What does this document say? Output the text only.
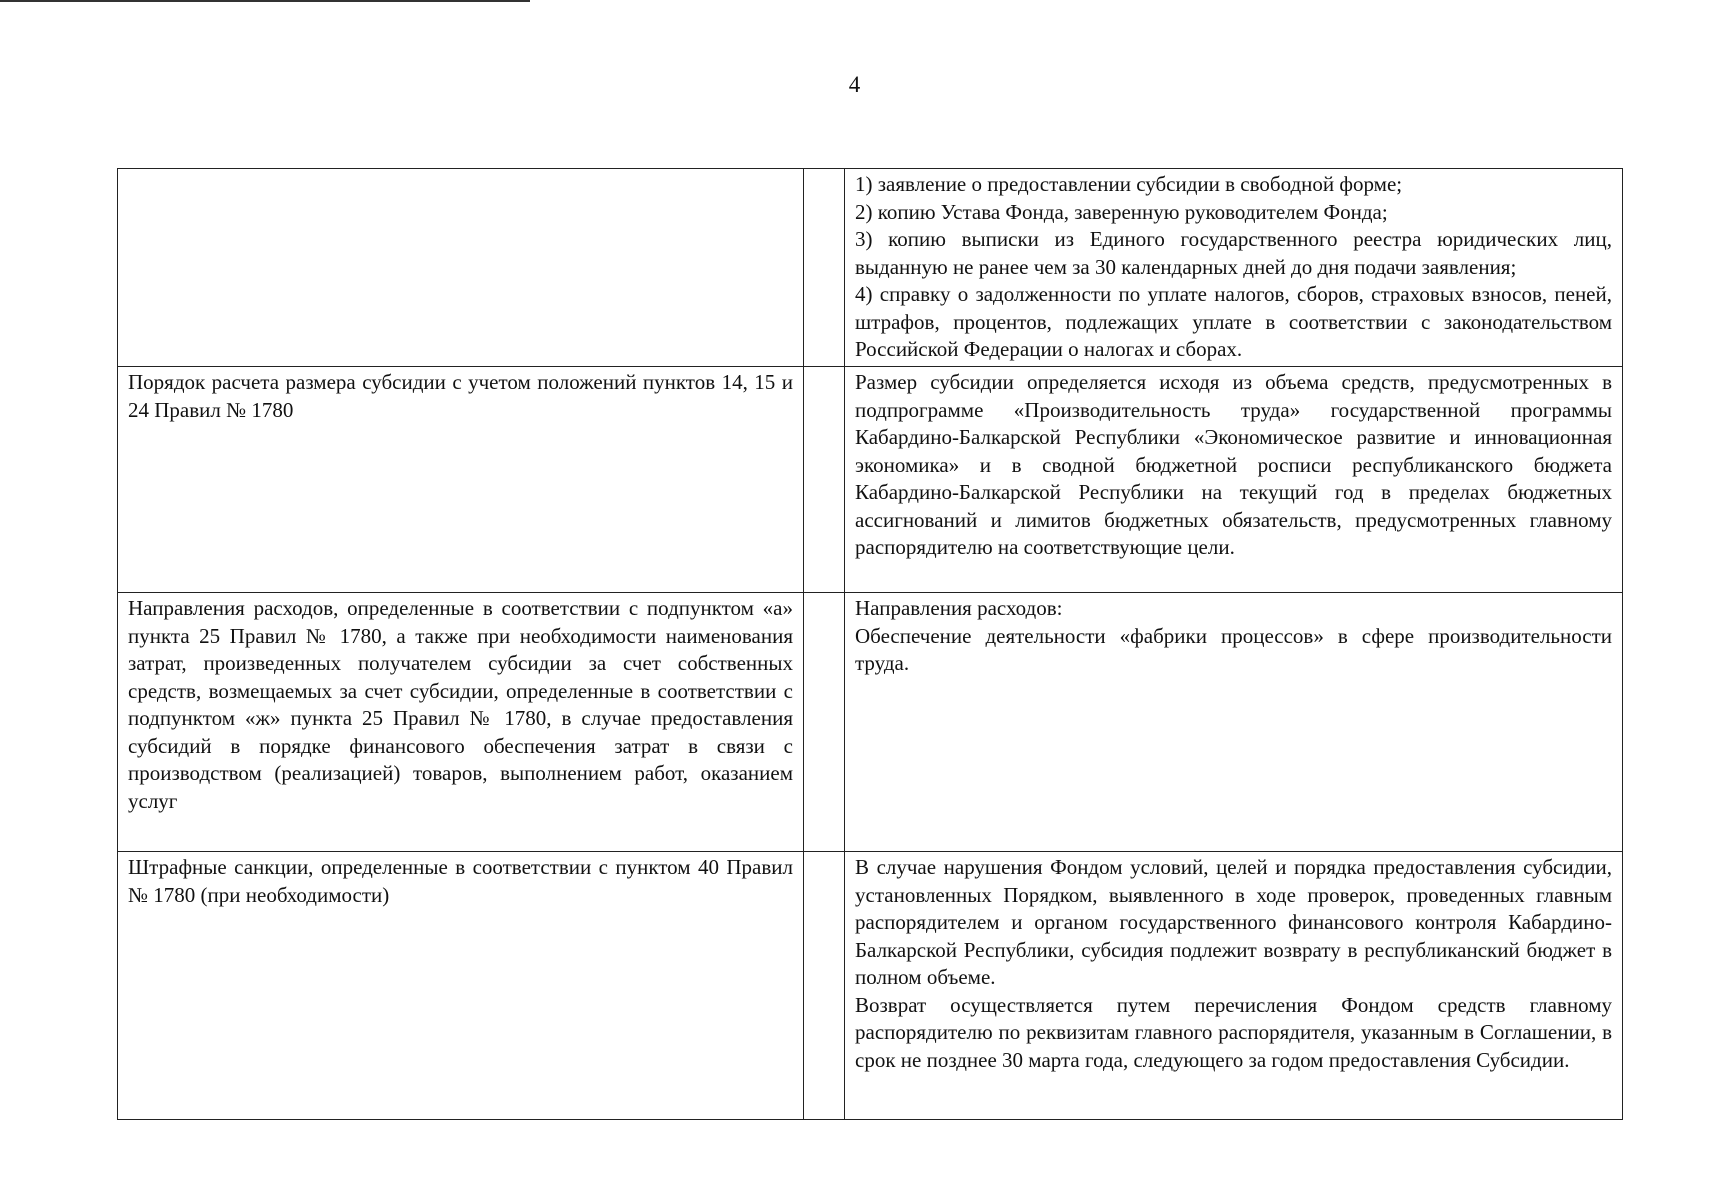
4

		1) заявление о предоставлении субсидии в свободной форме;
2) копию Устава Фонда, заверенную руководителем Фонда;
3) копию выписки из Единого государственного реестра юридических лиц, выданную не ранее чем за 30 календарных дней до дня подачи заявления;
4) справку о задолженности по уплате налогов, сборов, страховых взносов, пеней, штрафов, процентов, подлежащих уплате в соответствии с законодательством Российской Федерации о налогах и сборах.

Порядок расчета размера субсидии с учетом положений пунктов 14, 15 и 24 Правил № 1780		Размер субсидии определяется исходя из объема средств, предусмотренных в подпрограмме «Производительность труда» государственной программы Кабардино-Балкарской Республики «Экономическое развитие и инновационная экономика» и в сводной бюджетной росписи республиканского бюджета Кабардино-Балкарской Республики на текущий год в пределах бюджетных ассигнований и лимитов бюджетных обязательств, предусмотренных главному распорядителю на соответствующие цели.

Направления расходов, определенные в соответствии с подпунктом «а» пункта 25 Правил № 1780, а также при необходимости наименования затрат, произведенных получателем субсидии за счет собственных средств, возмещаемых за счет субсидии, определенные в соответствии с подпунктом «ж» пункта 25 Правил № 1780, в случае предоставления субсидий в порядке финансового обеспечения затрат в связи с производством (реализацией) товаров, выполнением работ, оказанием услуг		Направления расходов:
Обеспечение деятельности «фабрики процессов» в сфере производительности труда.

Штрафные санкции, определенные в соответствии с пунктом 40 Правил № 1780 (при необходимости)		В случае нарушения Фондом условий, целей и порядка предоставления субсидии, установленных Порядком, выявленного в ходе проверок, проведенных главным распорядителем и органом государственного финансового контроля Кабардино-Балкарской Республики, субсидия подлежит возврату в республиканский бюджет в полном объеме.
Возврат осуществляется путем перечисления Фондом средств главному распорядителю по реквизитам главного распорядителя, указанным в Соглашении, в срок не позднее 30 марта года, следующего за годом предоставления Субсидии.
